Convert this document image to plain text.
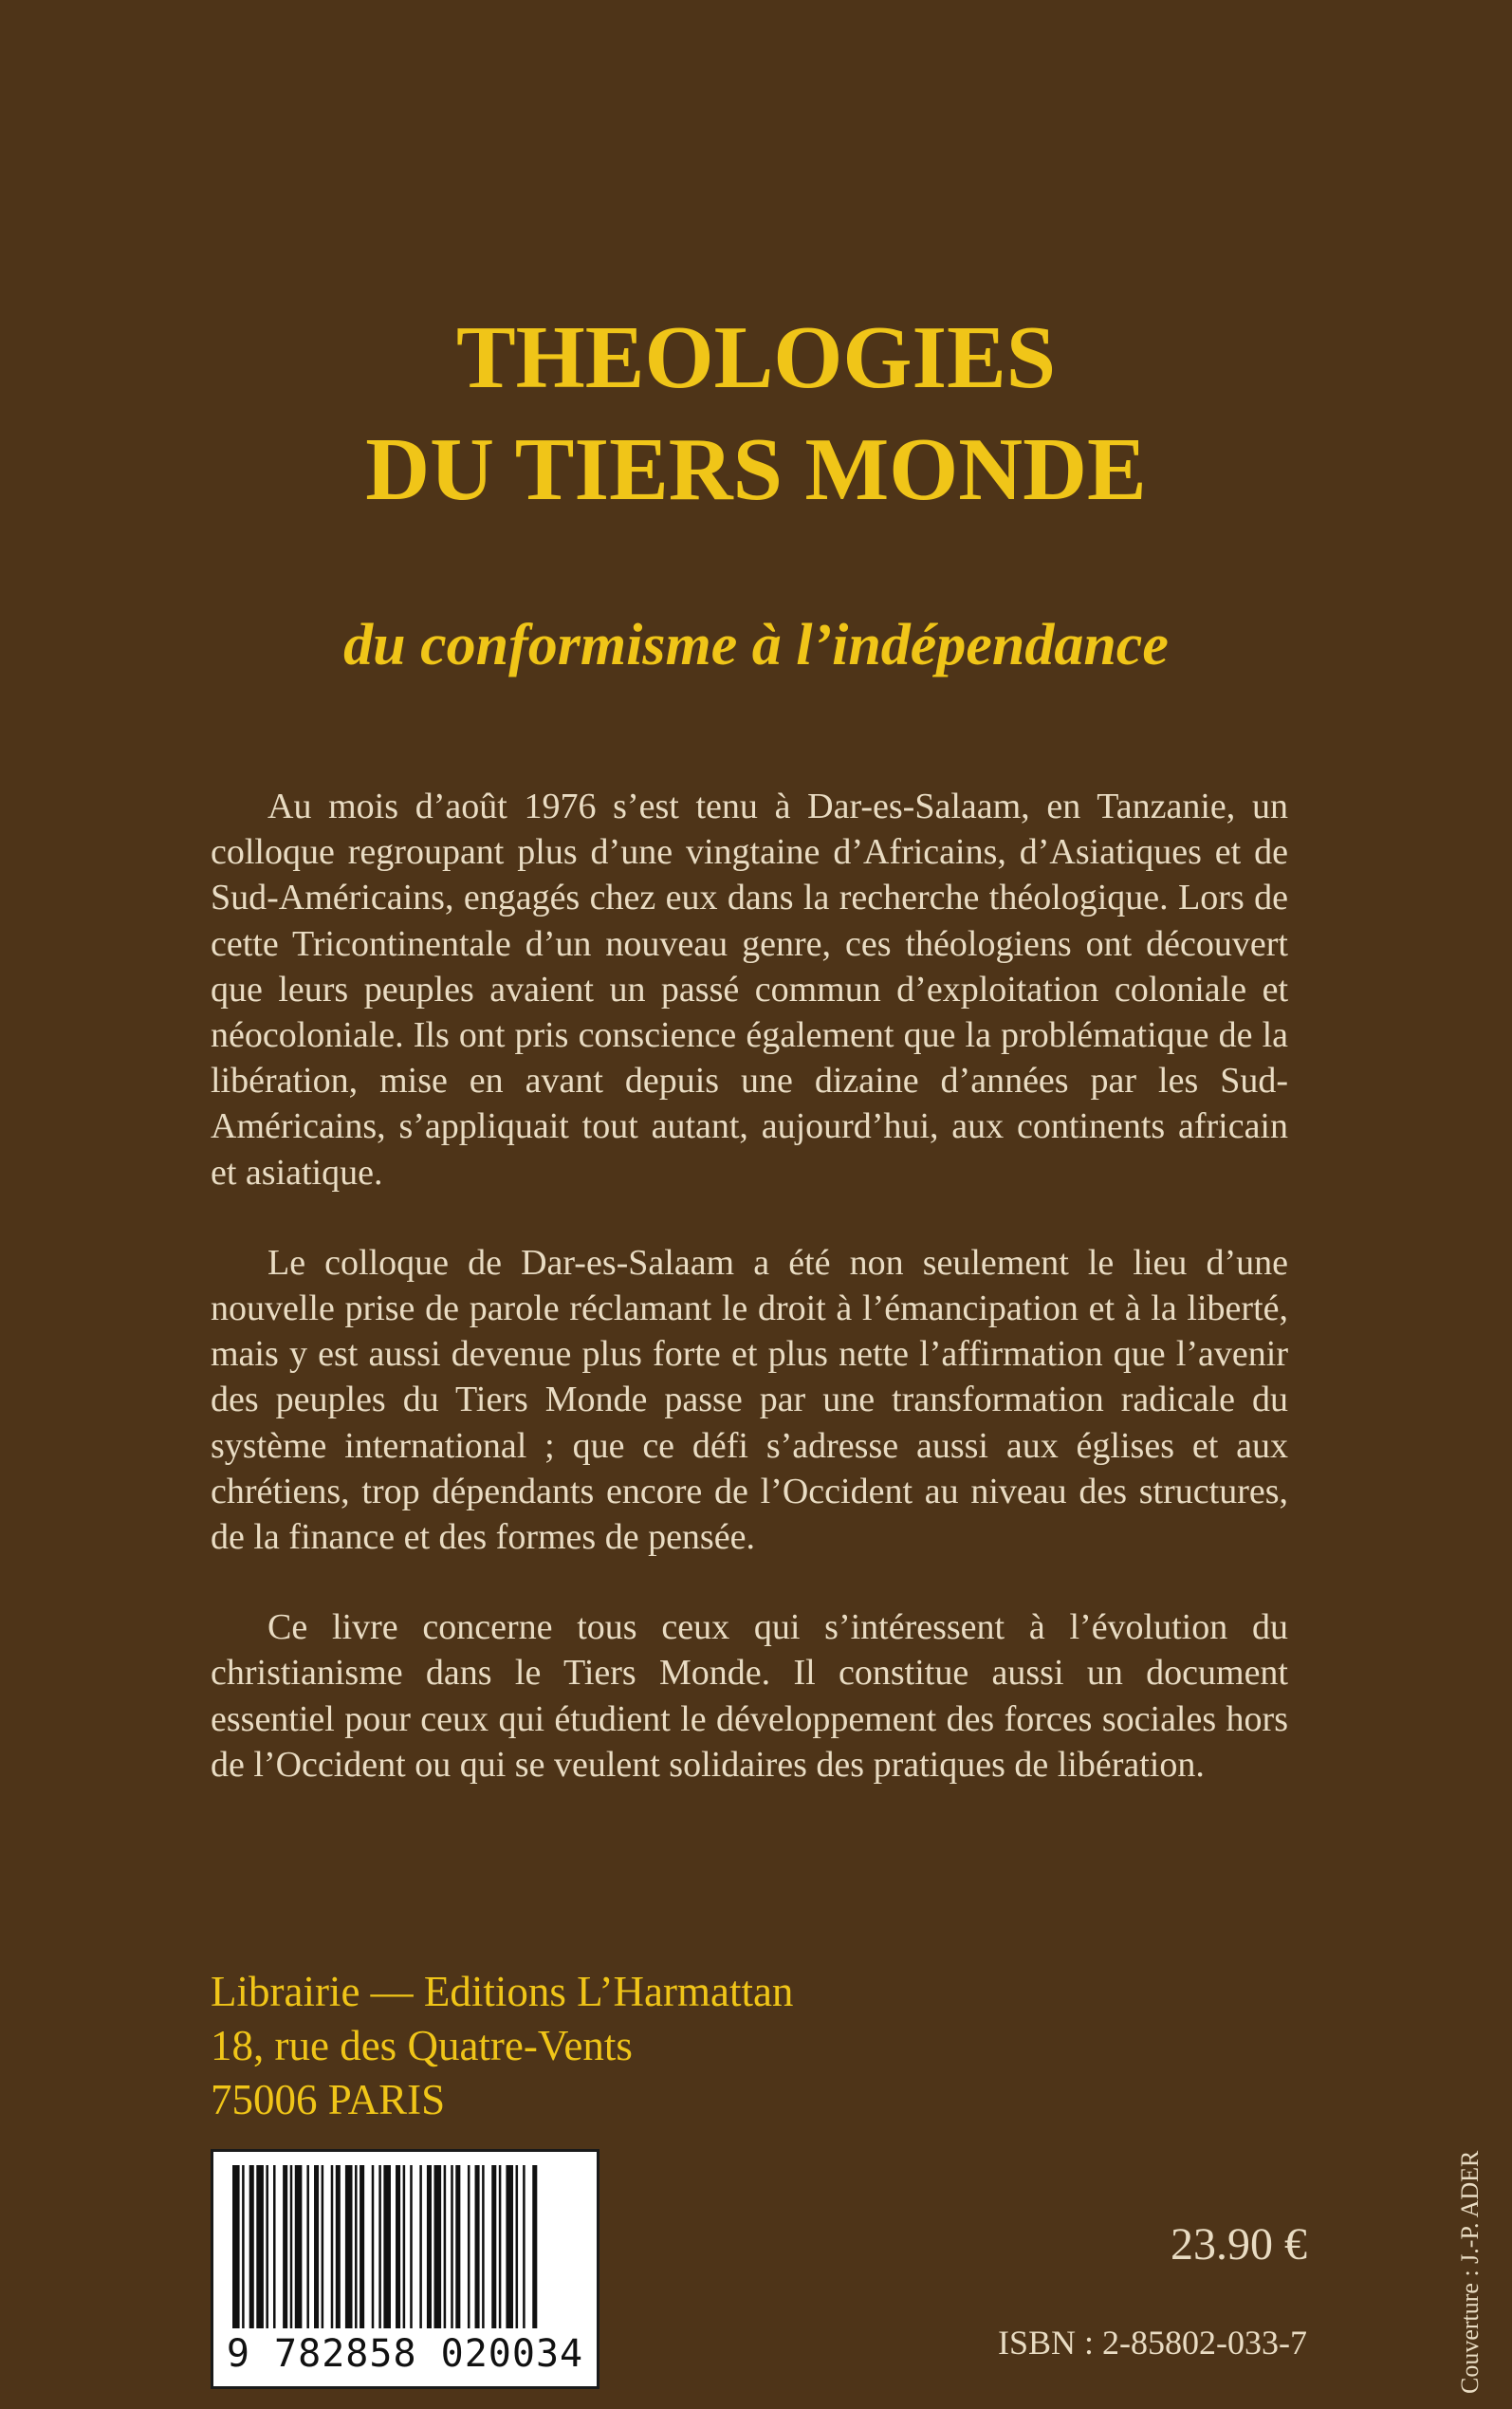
THEOLOGIES
DU TIERS MONDE
du conformisme à l’indépendance

Au mois d’août 1976 s’est tenu à Dar-es-Salaam, en Tanzanie, un colloque regroupant plus d’une vingtaine d’Africains, d’Asiatiques et de Sud-Américains, engagés chez eux dans la recherche théologique. Lors de cette Tricontinentale d’un nouveau genre, ces théologiens ont découvert que leurs peuples avaient un passé commun d’exploitation coloniale et néocoloniale. Ils ont pris conscience également que la problématique de la libération, mise en avant depuis une dizaine d’années par les Sud-Américains, s’appliquait tout autant, aujourd’hui, aux continents africain et asiatique.

Le colloque de Dar-es-Salaam a été non seulement le lieu d’une nouvelle prise de parole réclamant le droit à l’émancipation et à la liberté, mais y est aussi devenue plus forte et plus nette l’affirmation que l’avenir des peuples du Tiers Monde passe par une transformation radicale du système international ; que ce défi s’adresse aussi aux églises et aux chrétiens, trop dépendants encore de l’Occident au niveau des structures, de la finance et des formes de pensée.

Ce livre concerne tous ceux qui s’intéressent à l’évolution du christianisme dans le Tiers Monde. Il constitue aussi un document essentiel pour ceux qui étudient le développement des forces sociales hors de l’Occident ou qui se veulent solidaires des pratiques de libération.

Librairie — Editions L’Harmattan
18, rue des Quatre-Vents
75006 PARIS
9 782858 020034
23.90 €
ISBN : 2-85802-033-7	Couverture : J.-P. ADER
